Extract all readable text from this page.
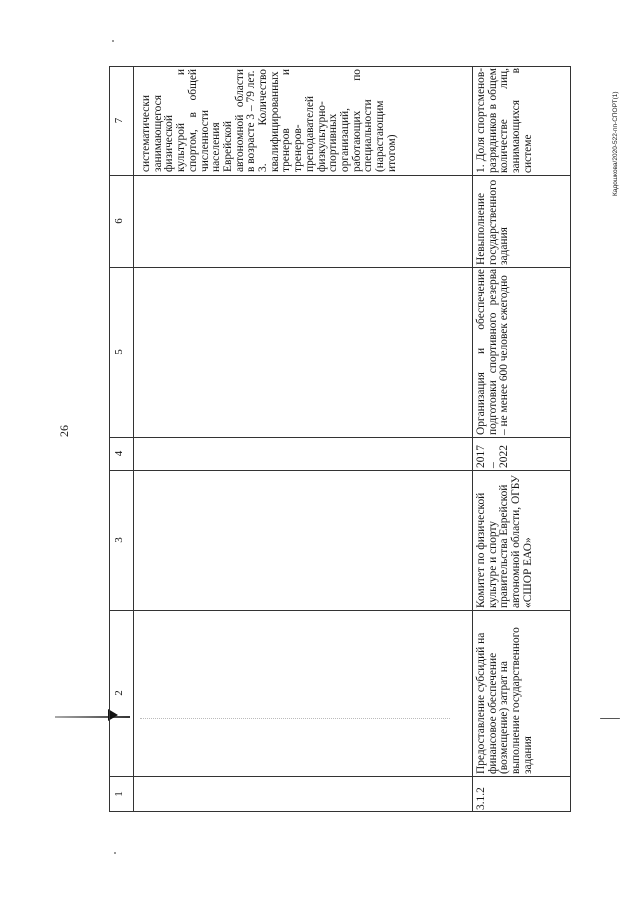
26
Кадошкова/2020-522-пп-СПОРТ(1)
1
2
3
4
5
6
7 систематически занимающегося физической культурой и спортом, в общей численности населения Еврейской автономной области в возрасте 3 – 79 лет.
3. Количество квалифицированных тренеров и тренеров-преподавателей физкультурно-спортивных организаций, работающих по специальности (нарастающим итогом)
3.1.2
Предоставление субсидий на финансовое обеспечение (возмещение) затрат на выполнение государственного задания
Комитет по физической культуре и спорту правительства Еврейской автономной области, ОГБУ «СШОР ЕАО»
2017 – 2022
Организация и обеспечение подготовки спортивного резерва – не менее 600 человек ежегодно
Невыполнение государственного задания
1. Доля спортсменов-разрядников в общем количестве лиц, занимающихся в системе
